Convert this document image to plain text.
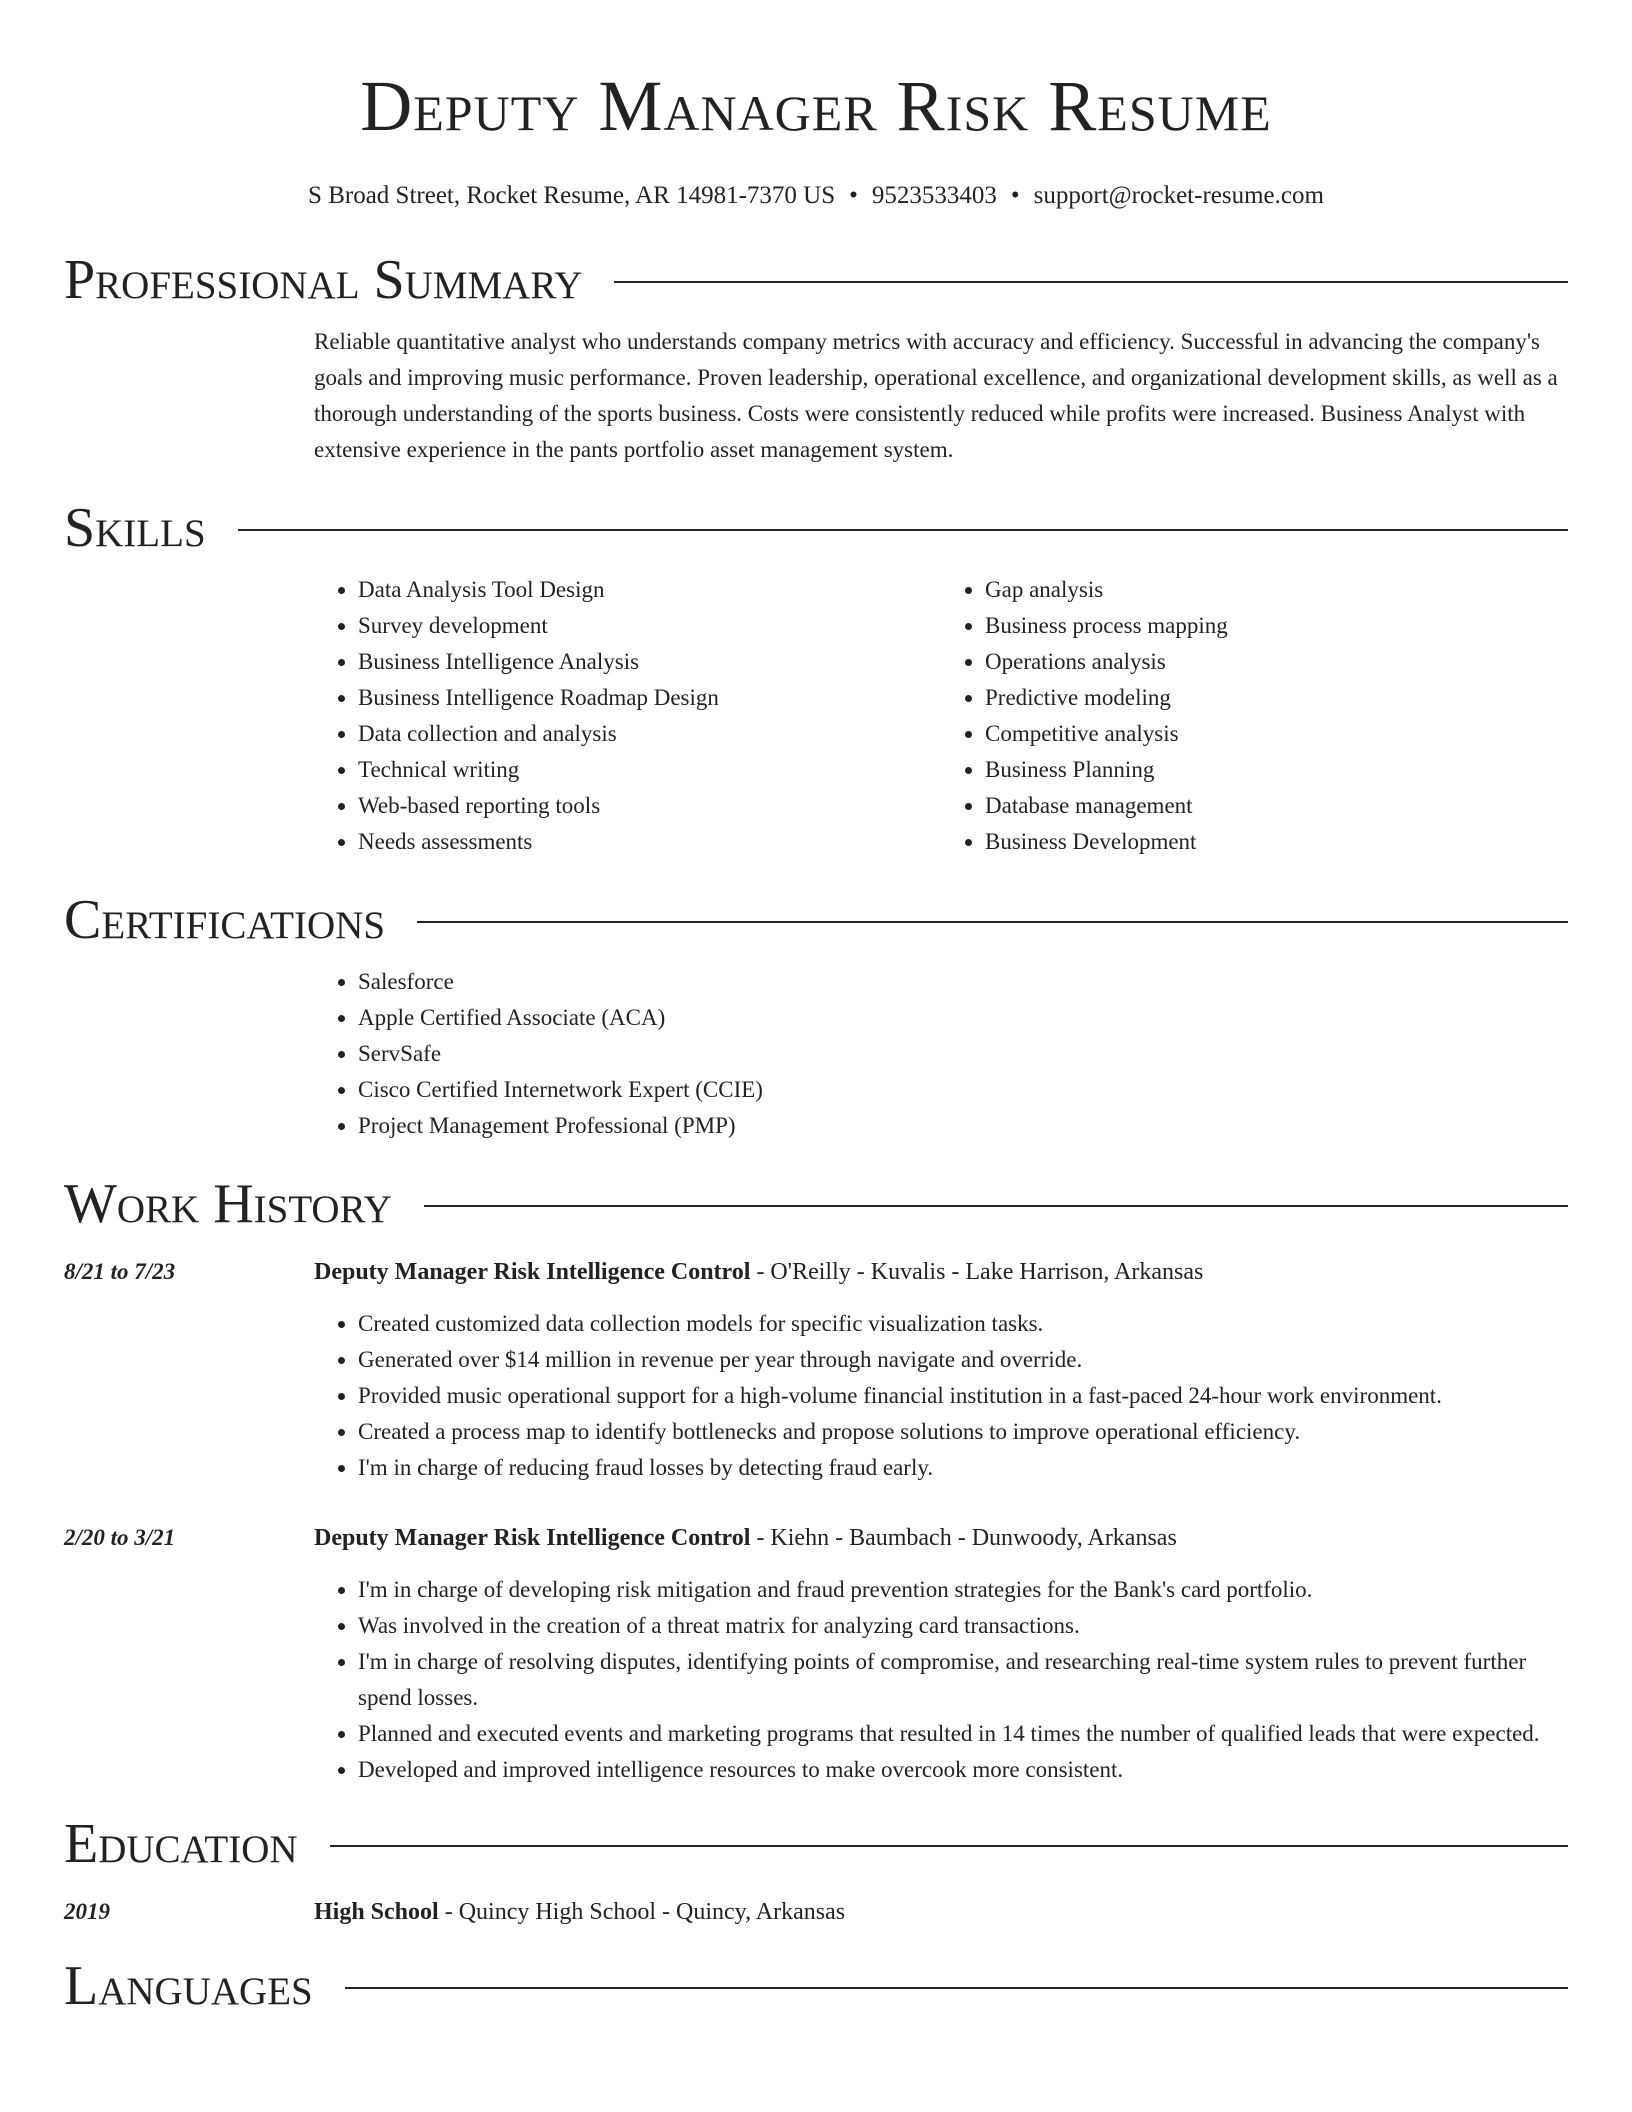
Deputy Manager Risk Resume
S Broad Street, Rocket Resume, AR 14981-7370 US • 9523533403 • support@rocket-resume.com
Professional Summary

Reliable quantitative analyst who understands company metrics with accuracy and efficiency. Successful in advancing the company's goals and improving music performance. Proven leadership, operational excellence, and organizational development skills, as well as a thorough understanding of the sports business. Costs were consistently reduced while profits were increased. Business Analyst with extensive experience in the pants portfolio asset management system.

Skills
• Data Analysis Tool Design
• Survey development
• Business Intelligence Analysis
• Business Intelligence Roadmap Design
• Data collection and analysis
• Technical writing
• Web-based reporting tools
• Needs assessments
• Gap analysis
• Business process mapping
• Operations analysis
• Predictive modeling
• Competitive analysis
• Business Planning
• Database management
• Business Development
Certifications
• Salesforce
• Apple Certified Associate (ACA)
• ServSafe
• Cisco Certified Internetwork Expert (CCIE)
• Project Management Professional (PMP)
Work History
8/21 to 7/23	Deputy Manager Risk Intelligence Control - O'Reilly - Kuvalis - Lake Harrison, Arkansas
• Created customized data collection models for specific visualization tasks.
• Generated over $14 million in revenue per year through navigate and override.
• Provided music operational support for a high-volume financial institution in a fast-paced 24-hour work environment.
• Created a process map to identify bottlenecks and propose solutions to improve operational efficiency.
• I'm in charge of reducing fraud losses by detecting fraud early.
2/20 to 3/21	Deputy Manager Risk Intelligence Control - Kiehn - Baumbach - Dunwoody, Arkansas
• I'm in charge of developing risk mitigation and fraud prevention strategies for the Bank's card portfolio.
• Was involved in the creation of a threat matrix for analyzing card transactions.
• I'm in charge of resolving disputes, identifying points of compromise, and researching real-time system rules to prevent further spend losses.
• Planned and executed events and marketing programs that resulted in 14 times the number of qualified leads that were expected.
• Developed and improved intelligence resources to make overcook more consistent.
Education
2019	High School - Quincy High School - Quincy, Arkansas
Languages
